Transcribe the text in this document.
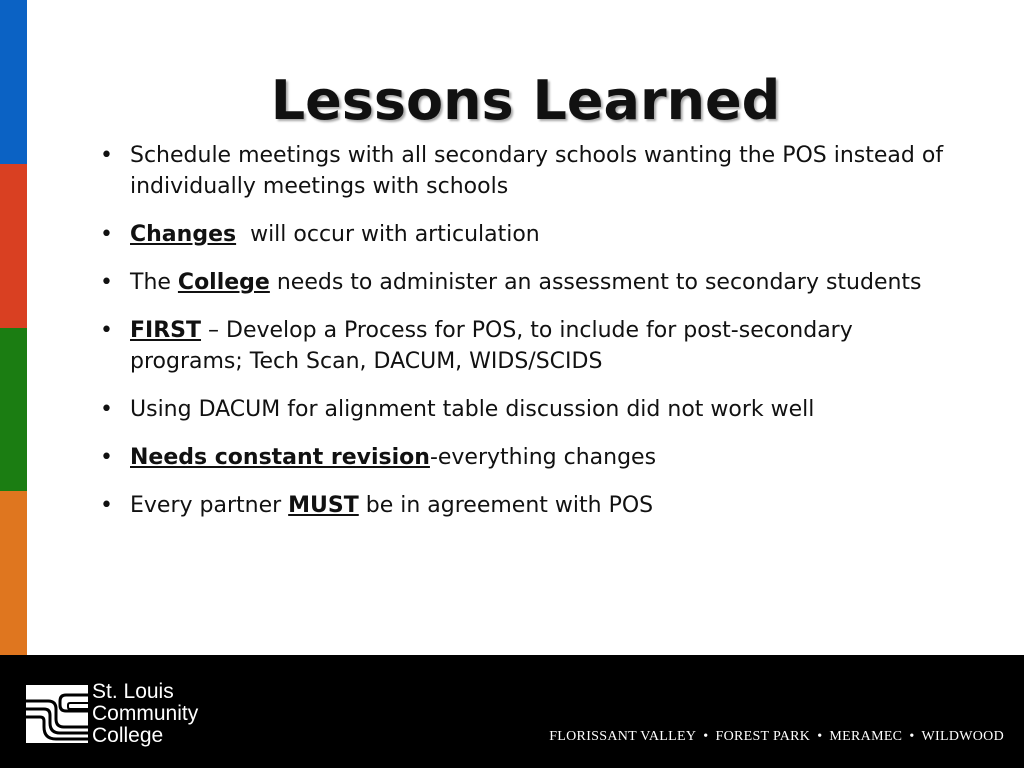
Lessons Learned
• Schedule meetings with all secondary schools wanting the POS instead of individually meetings with schools
• Changes  will occur with articulation
• The College needs to administer an assessment to secondary students
• FIRST – Develop a Process for POS, to include for post-secondary programs; Tech Scan, DACUM, WIDS/SCIDS
• Using DACUM for alignment table discussion did not work well
• Needs constant revision-everything changes
• Every partner MUST be in agreement with POS
St. Louis
Community
College	FLORISSANT VALLEY • FOREST PARK • MERAMEC • WILDWOOD
